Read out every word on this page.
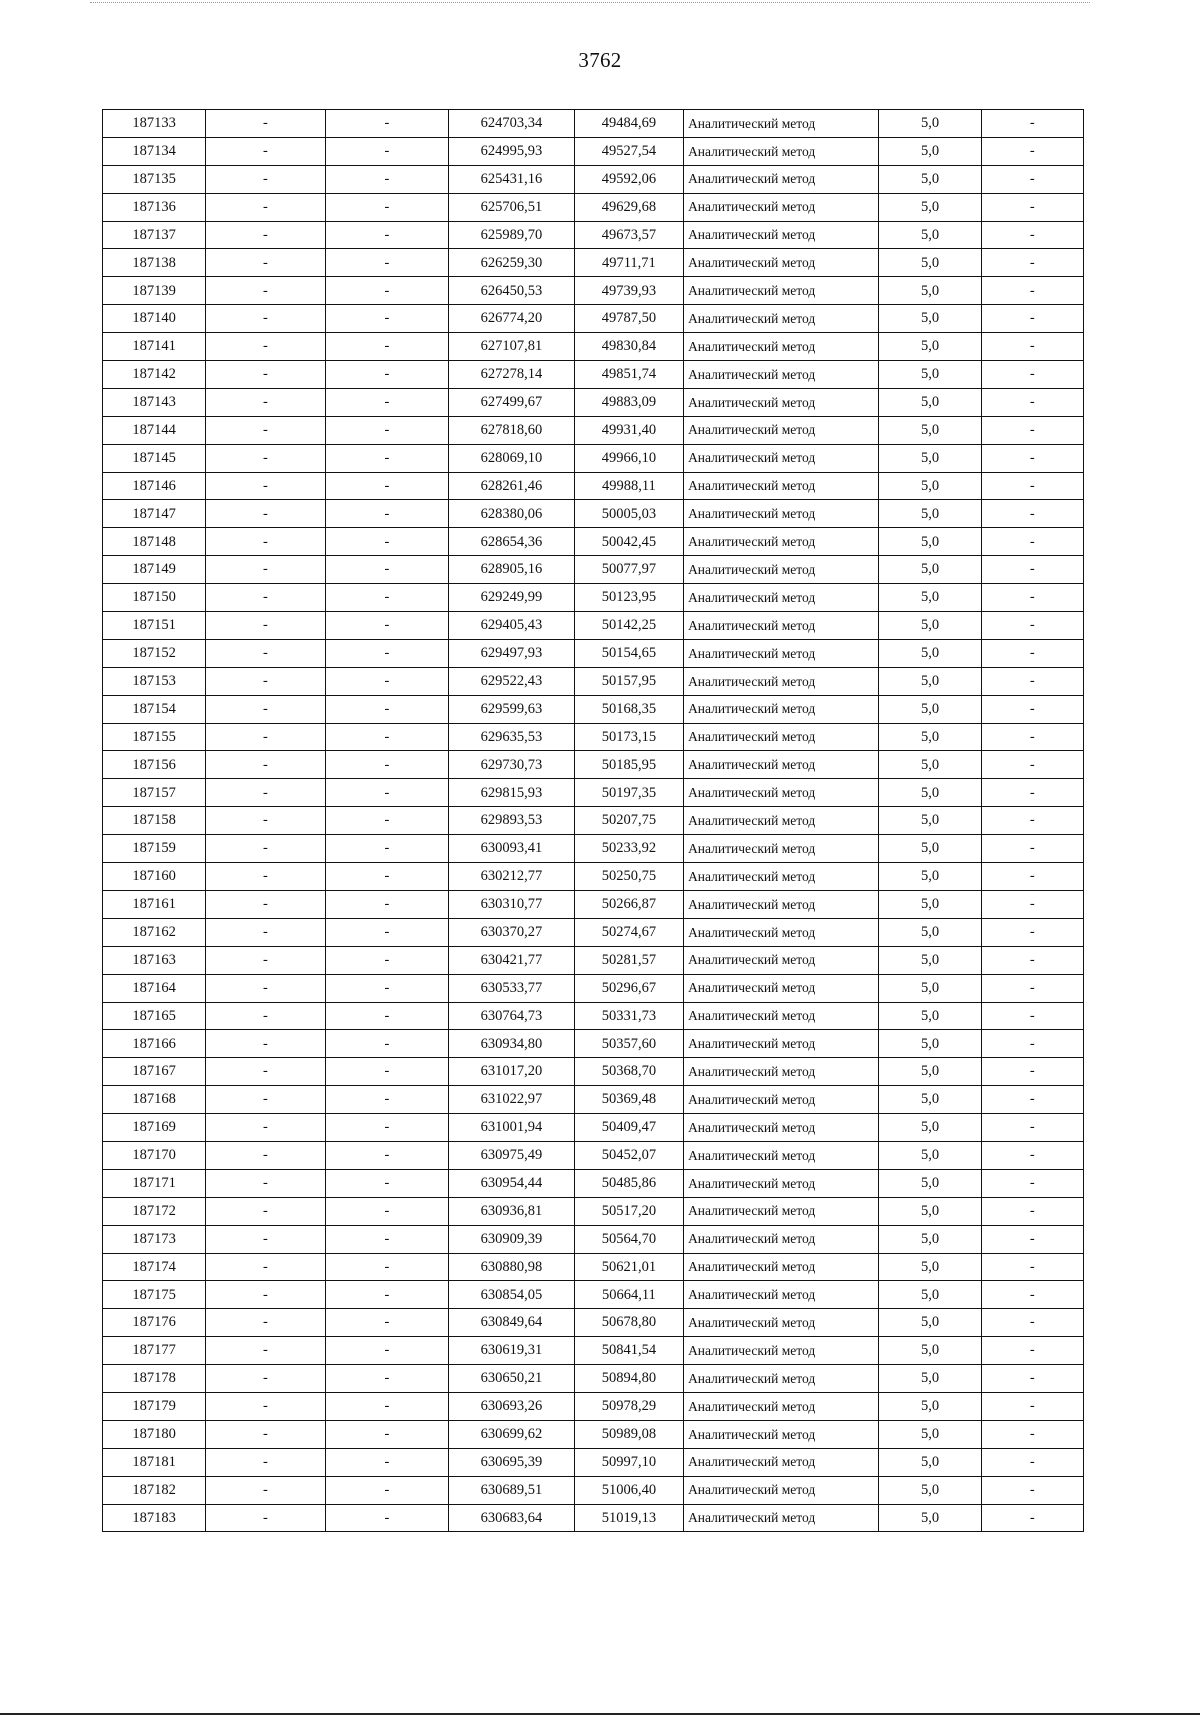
3762
187133	-	-	624703,34	49484,69	Аналитический метод	5,0	-
187134	-	-	624995,93	49527,54	Аналитический метод	5,0	-
187135	-	-	625431,16	49592,06	Аналитический метод	5,0	-
187136	-	-	625706,51	49629,68	Аналитический метод	5,0	-
187137	-	-	625989,70	49673,57	Аналитический метод	5,0	-
187138	-	-	626259,30	49711,71	Аналитический метод	5,0	-
187139	-	-	626450,53	49739,93	Аналитический метод	5,0	-
187140	-	-	626774,20	49787,50	Аналитический метод	5,0	-
187141	-	-	627107,81	49830,84	Аналитический метод	5,0	-
187142	-	-	627278,14	49851,74	Аналитический метод	5,0	-
187143	-	-	627499,67	49883,09	Аналитический метод	5,0	-
187144	-	-	627818,60	49931,40	Аналитический метод	5,0	-
187145	-	-	628069,10	49966,10	Аналитический метод	5,0	-
187146	-	-	628261,46	49988,11	Аналитический метод	5,0	-
187147	-	-	628380,06	50005,03	Аналитический метод	5,0	-
187148	-	-	628654,36	50042,45	Аналитический метод	5,0	-
187149	-	-	628905,16	50077,97	Аналитический метод	5,0	-
187150	-	-	629249,99	50123,95	Аналитический метод	5,0	-
187151	-	-	629405,43	50142,25	Аналитический метод	5,0	-
187152	-	-	629497,93	50154,65	Аналитический метод	5,0	-
187153	-	-	629522,43	50157,95	Аналитический метод	5,0	-
187154	-	-	629599,63	50168,35	Аналитический метод	5,0	-
187155	-	-	629635,53	50173,15	Аналитический метод	5,0	-
187156	-	-	629730,73	50185,95	Аналитический метод	5,0	-
187157	-	-	629815,93	50197,35	Аналитический метод	5,0	-
187158	-	-	629893,53	50207,75	Аналитический метод	5,0	-
187159	-	-	630093,41	50233,92	Аналитический метод	5,0	-
187160	-	-	630212,77	50250,75	Аналитический метод	5,0	-
187161	-	-	630310,77	50266,87	Аналитический метод	5,0	-
187162	-	-	630370,27	50274,67	Аналитический метод	5,0	-
187163	-	-	630421,77	50281,57	Аналитический метод	5,0	-
187164	-	-	630533,77	50296,67	Аналитический метод	5,0	-
187165	-	-	630764,73	50331,73	Аналитический метод	5,0	-
187166	-	-	630934,80	50357,60	Аналитический метод	5,0	-
187167	-	-	631017,20	50368,70	Аналитический метод	5,0	-
187168	-	-	631022,97	50369,48	Аналитический метод	5,0	-
187169	-	-	631001,94	50409,47	Аналитический метод	5,0	-
187170	-	-	630975,49	50452,07	Аналитический метод	5,0	-
187171	-	-	630954,44	50485,86	Аналитический метод	5,0	-
187172	-	-	630936,81	50517,20	Аналитический метод	5,0	-
187173	-	-	630909,39	50564,70	Аналитический метод	5,0	-
187174	-	-	630880,98	50621,01	Аналитический метод	5,0	-
187175	-	-	630854,05	50664,11	Аналитический метод	5,0	-
187176	-	-	630849,64	50678,80	Аналитический метод	5,0	-
187177	-	-	630619,31	50841,54	Аналитический метод	5,0	-
187178	-	-	630650,21	50894,80	Аналитический метод	5,0	-
187179	-	-	630693,26	50978,29	Аналитический метод	5,0	-
187180	-	-	630699,62	50989,08	Аналитический метод	5,0	-
187181	-	-	630695,39	50997,10	Аналитический метод	5,0	-
187182	-	-	630689,51	51006,40	Аналитический метод	5,0	-
187183	-	-	630683,64	51019,13	Аналитический метод	5,0	-
